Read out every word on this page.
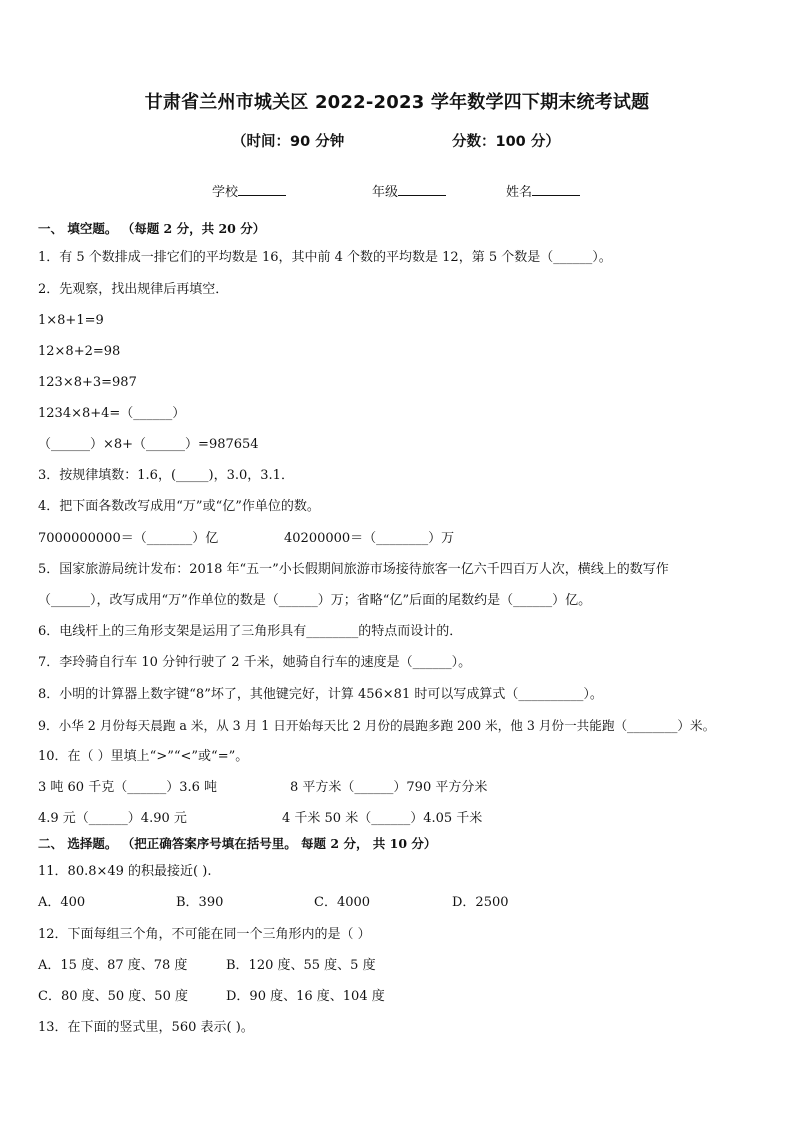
甘肃省兰州市城关区 2022-2023 学年数学四下期末统考试题
（时间：90 分钟	分数：100 分）
学校	年级	姓名
一、 填空题。 （每题 2 分，共 20 分）
1．有 5 个数排成一排它们的平均数是 16，其中前 4 个数的平均数是 12，第 5 个数是（______）。
2．先观察，找出规律后再填空．
1×8+1=9
12×8+2=98
123×8+3=987
1234×8+4=（______）
（______）×8+（______）=987654
3．按规律填数：1.6，(_____)，3.0，3.1．
4．把下面各数改写成用“万”或“亿”作单位的数。
7000000000＝（_______）亿	40200000＝（________）万
5．国家旅游局统计发布：2018 年“五一”小长假期间旅游市场接待旅客一亿六千四百万人次，横线上的数写作
（______），改写成用“万”作单位的数是（______）万；省略“亿”后面的尾数约是（______）亿。
6．电线杆上的三角形支架是运用了三角形具有________的特点而设计的．
7．李玲骑自行车 10 分钟行驶了 2 千米，她骑自行车的速度是（______）。
8．小明的计算器上数字键“8”坏了，其他键完好，计算 456×81 时可以写成算式（__________）。
9．小华 2 月份每天晨跑 a 米，从 3 月 1 日开始每天比 2 月份的晨跑多跑 200 米，他 3 月份一共能跑（________）米。
10．在（ ）里填上“>”“<”或“=”。
3 吨 60 千克（______）3.6 吨	8 平方米（______）790 平方分米
4.9 元（______）4.90 元	4 千米 50 米（______）4.05 千米
二、 选择题。 （把正确答案序号填在括号里。 每题 2 分， 共 10 分）
11．80.8×49 的积最接近( ).
A．400	B．390	C．4000	D．2500
12．下面每组三个角，不可能在同一个三角形内的是（ ）
A．15 度、87 度、78 度	B．120 度、55 度、5 度
C．80 度、50 度、50 度	D．90 度、16 度、104 度
13．在下面的竖式里，560 表示( )。
